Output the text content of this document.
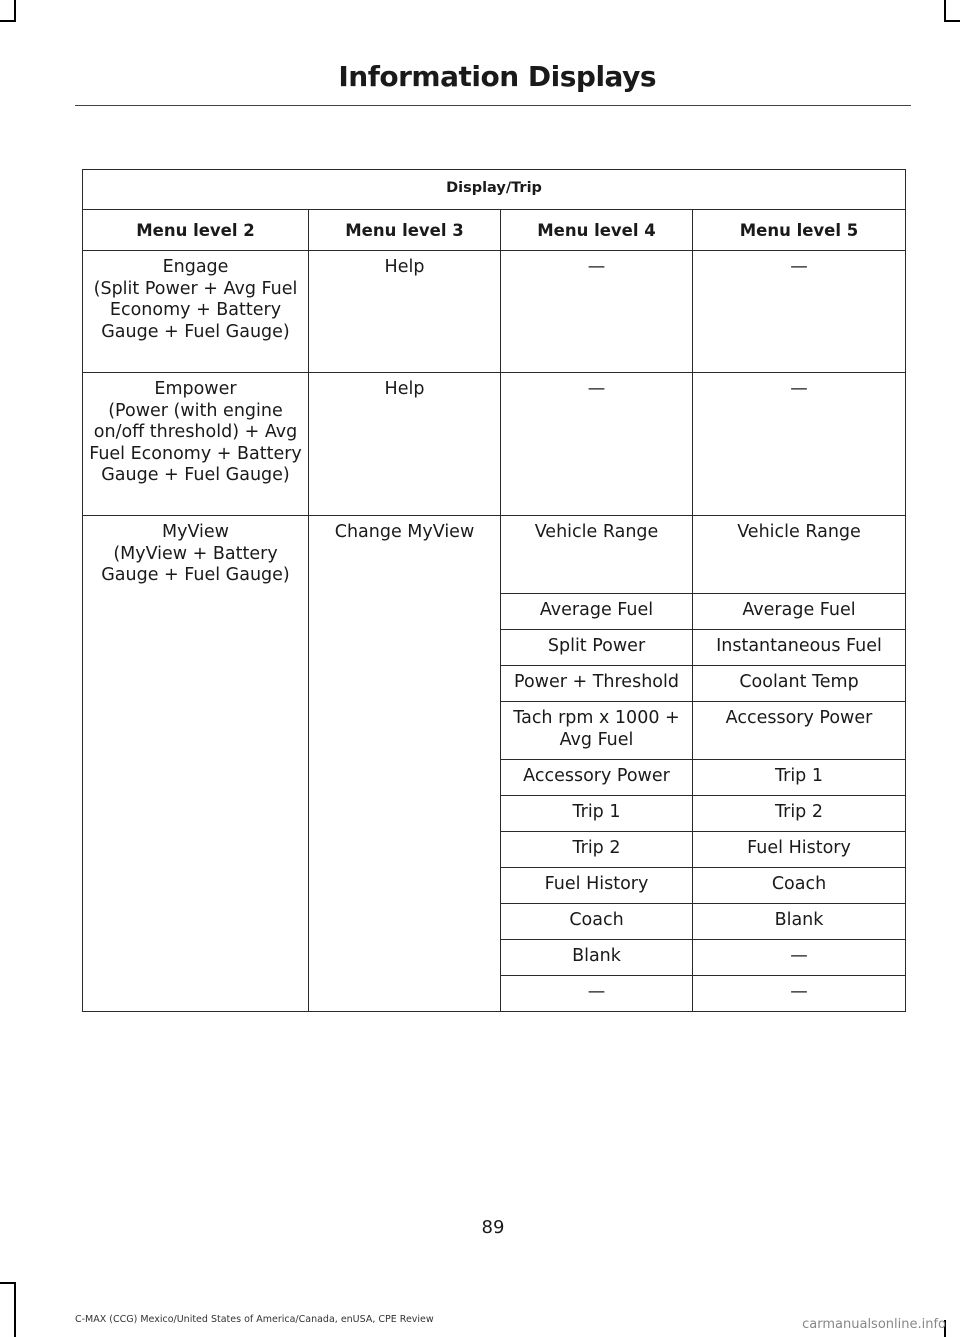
Information Displays
Display/Trip			
Menu level 2	Menu level 3	Menu level 4	Menu level 5

Engage
(Split Power + Avg Fuel Economy + Battery Gauge + Fuel Gauge)	Help	—	—

Empower
(Power (with engine on/off threshold) + Avg Fuel Economy + Battery Gauge + Fuel Gauge)	Help	—	—

MyView
(MyView + Battery Gauge + Fuel Gauge)	Change MyView	Vehicle Range	Vehicle Range
		Average Fuel	Average Fuel
		Split Power	Instantaneous Fuel
		Power + Threshold	Coolant Temp
		Tach rpm x 1000 + Avg Fuel	Accessory Power
		Accessory Power	Trip 1
		Trip 1	Trip 2
		Trip 2	Fuel History
		Fuel History	Coach
		Coach	Blank
		Blank	—
		—	—
89
C-MAX (CCG) Mexico/United States of America/Canada, enUSA, CPE Review	carmanualsonline.info
